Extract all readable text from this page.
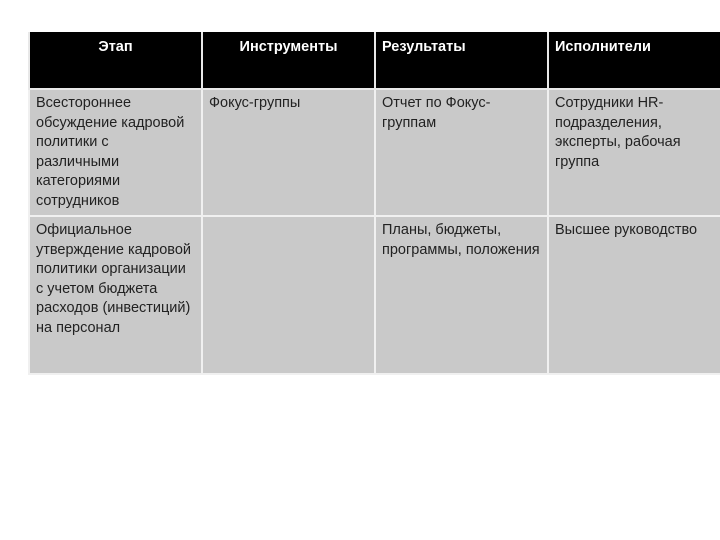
Этап	Инструменты	Результаты	Исполнители
Всестороннее обсуждение кадровой политики с различными категориями сотрудников	Фокус-группы	Отчет по Фокус-группам	Сотрудники HR-подразделения, эксперты, рабочая группа
Официальное утверждение кадровой политики организации с учетом бюджета расходов (инвестиций) на персонал		Планы, бюджеты, программы, положения	Высшее руководство
